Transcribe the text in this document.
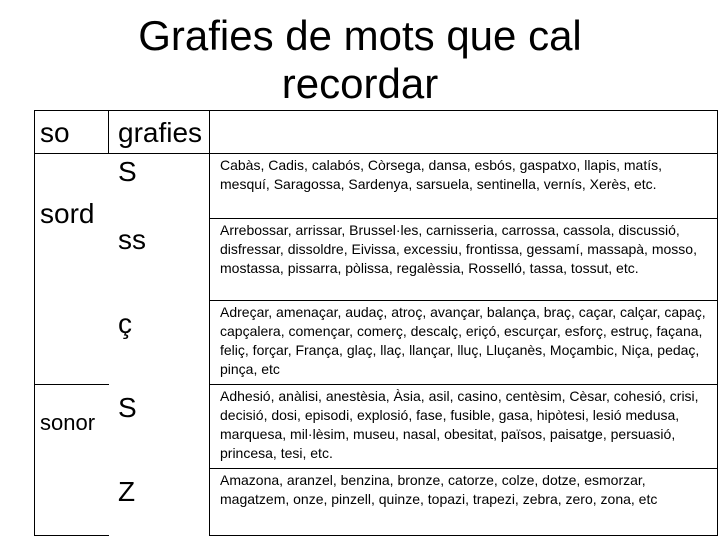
Grafies de mots que cal recordar
so grafies
sord
sonor
S
ss
ç
S
Z
Cabàs, Cadis, calabós, Còrsega, dansa, esbós, gaspatxo, llapis, matís, mesquí, Saragossa, Sardenya, sarsuela, sentinella, vernís, Xerès, etc.
Arrebossar, arrissar, Brussel·les, carnisseria, carrossa, cassola, discussió, disfressar, dissoldre, Eivissa, excessiu, frontissa, gessamí, massapà, mosso, mostassa, pissarra, pòlissa, regalèssia, Rosselló, tassa, tossut, etc.
Adreçar, amenaçar, audaç, atroç, avançar, balança, braç, caçar, calçar, capaç, capçalera, començar, comerç, descalç, eriçó, escurçar, esforç, estruç, façana, feliç, forçar, França, glaç, llaç, llançar, lluç, Lluçanès, Moçambic, Niça, pedaç, pinça, etc
Adhesió, anàlisi, anestèsia, Àsia, asil, casino, centèsim, Cèsar, cohesió, crisi, decisió, dosi, episodi, explosió, fase, fusible, gasa, hipòtesi, lesió medusa, marquesa, mil·lèsim, museu, nasal, obesitat, països, paisatge, persuasió, princesa, tesi, etc.
Amazona, aranzel, benzina, bronze, catorze, colze, dotze, esmorzar, magatzem, onze, pinzell, quinze, topazi, trapezi, zebra, zero, zona, etc
